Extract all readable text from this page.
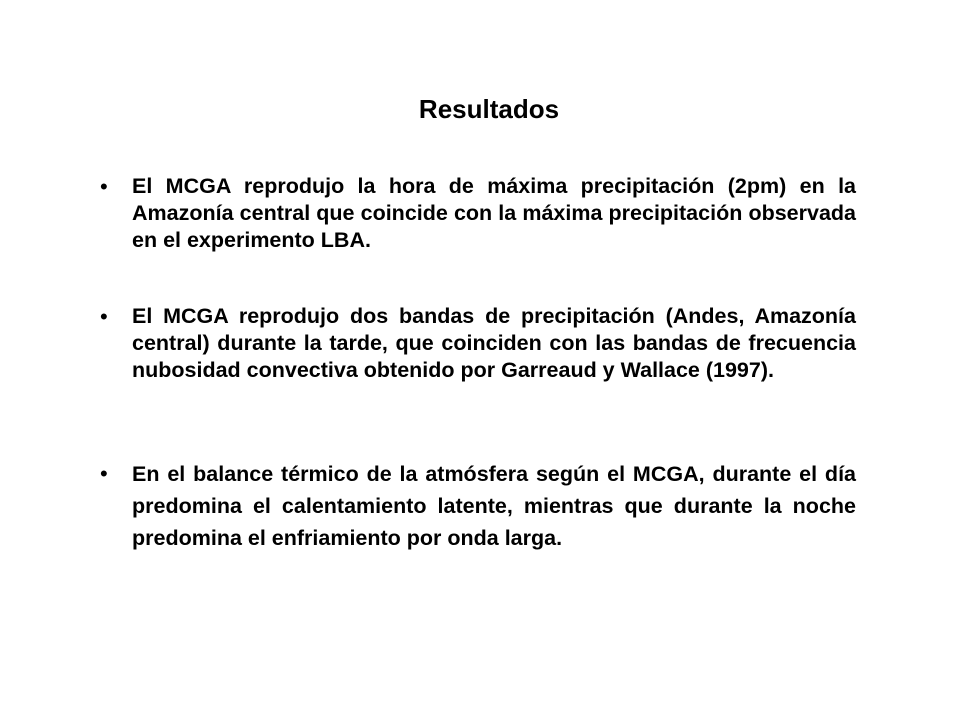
Resultados
•	El MCGA reprodujo la hora de máxima precipitación (2pm) en la Amazonía central que coincide con la máxima precipitación observada en el experimento LBA.
•	El MCGA reprodujo dos bandas de precipitación (Andes, Amazonía central) durante la tarde, que coinciden con las bandas de frecuencia nubosidad convectiva obtenido por Garreaud y Wallace (1997).
•	En el balance térmico de la atmósfera según el MCGA, durante el día predomina el calentamiento latente, mientras que durante la noche predomina el enfriamiento por onda larga.
